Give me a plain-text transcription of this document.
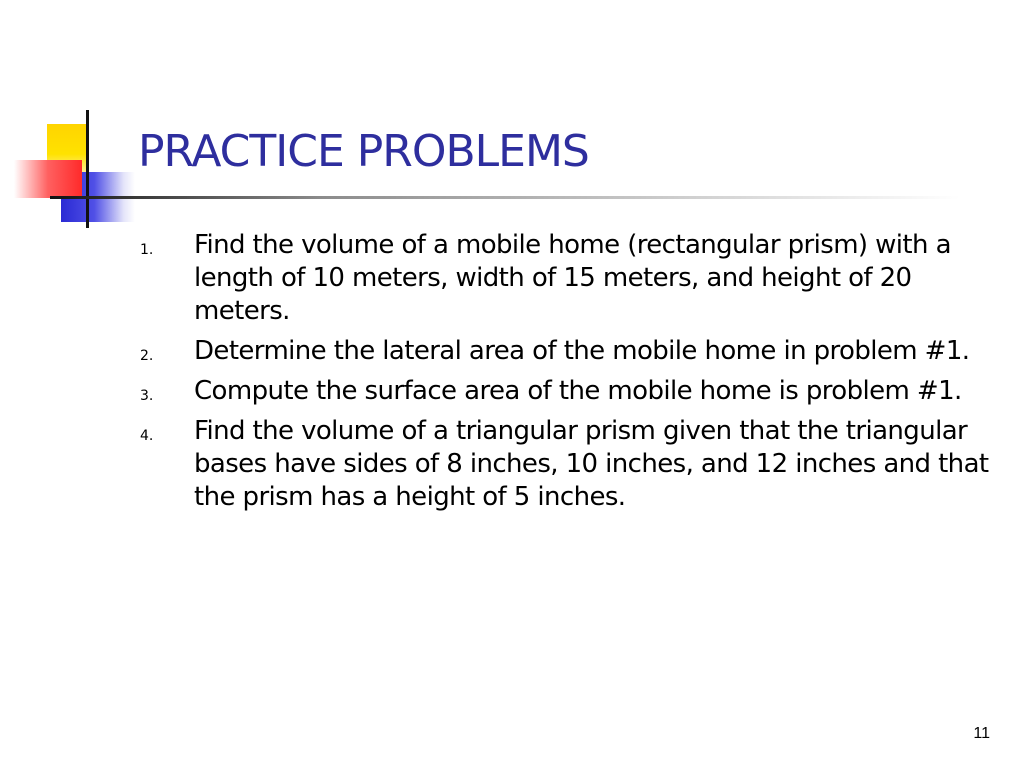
PRACTICE PROBLEMS
1.	Find the volume of a mobile home (rectangular prism) with a length of 10 meters, width of 15 meters, and height of 20 meters.
2.	Determine the lateral area of the mobile home in problem #1.
3.	Compute the surface area of the mobile home is problem #1.
4.	Find the volume of a triangular prism given that the triangular bases have sides of 8 inches, 10 inches, and 12 inches and that the prism has a height of 5 inches.
11
